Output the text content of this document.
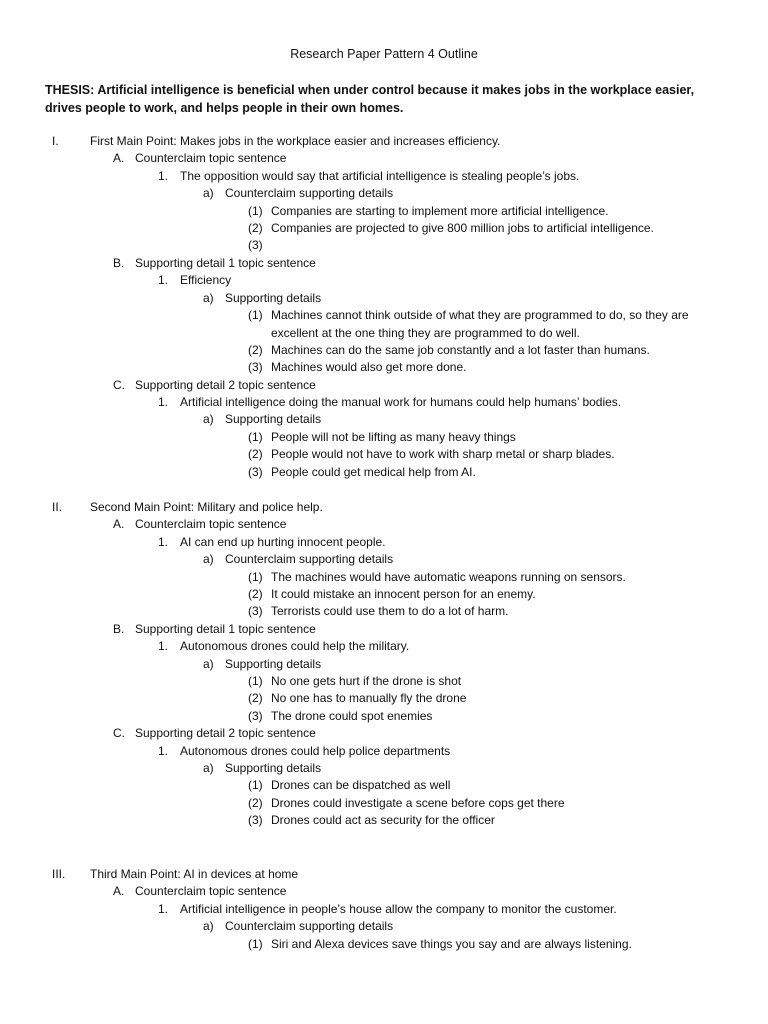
Research Paper Pattern 4 Outline
THESIS: Artificial intelligence is beneficial when under control because it makes jobs in the workplace easier, drives people to work, and helps people in their own homes.
I.	First Main Point: Makes jobs in the workplace easier and increases efficiency.
A. Counterclaim topic sentence
1. The opposition would say that artificial intelligence is stealing people’s jobs.
a) Counterclaim supporting details
(1) Companies are starting to implement more artificial intelligence.
(2) Companies are projected to give 800 million jobs to artificial intelligence.
(3)
B. Supporting detail 1 topic sentence
1. Efficiency
a) Supporting details
(1) Machines cannot think outside of what they are programmed to do, so they are excellent at the one thing they are programmed to do well.
(2) Machines can do the same job constantly and a lot faster than humans.
(3) Machines would also get more done.
C. Supporting detail 2 topic sentence
1. Artificial intelligence doing the manual work for humans could help humans’ bodies.
a) Supporting details
(1) People will not be lifting as many heavy things
(2) People would not have to work with sharp metal or sharp blades.
(3) People could get medical help from AI.
II. Second Main Point: Military and police help.
A. Counterclaim topic sentence
1. AI can end up hurting innocent people.
a) Counterclaim supporting details
(1) The machines would have automatic weapons running on sensors.
(2) It could mistake an innocent person for an enemy.
(3) Terrorists could use them to do a lot of harm.
B. Supporting detail 1 topic sentence
1. Autonomous drones could help the military.
a) Supporting details
(1) No one gets hurt if the drone is shot
(2) No one has to manually fly the drone
(3) The drone could spot enemies
C. Supporting detail 2 topic sentence
1. Autonomous drones could help police departments
a) Supporting details
(1) Drones can be dispatched as well
(2) Drones could investigate a scene before cops get there
(3) Drones could act as security for the officer
III. Third Main Point: AI in devices at home
A. Counterclaim topic sentence
1. Artificial intelligence in people’s house allow the company to monitor the customer.
a) Counterclaim supporting details
(1) Siri and Alexa devices save things you say and are always listening.
